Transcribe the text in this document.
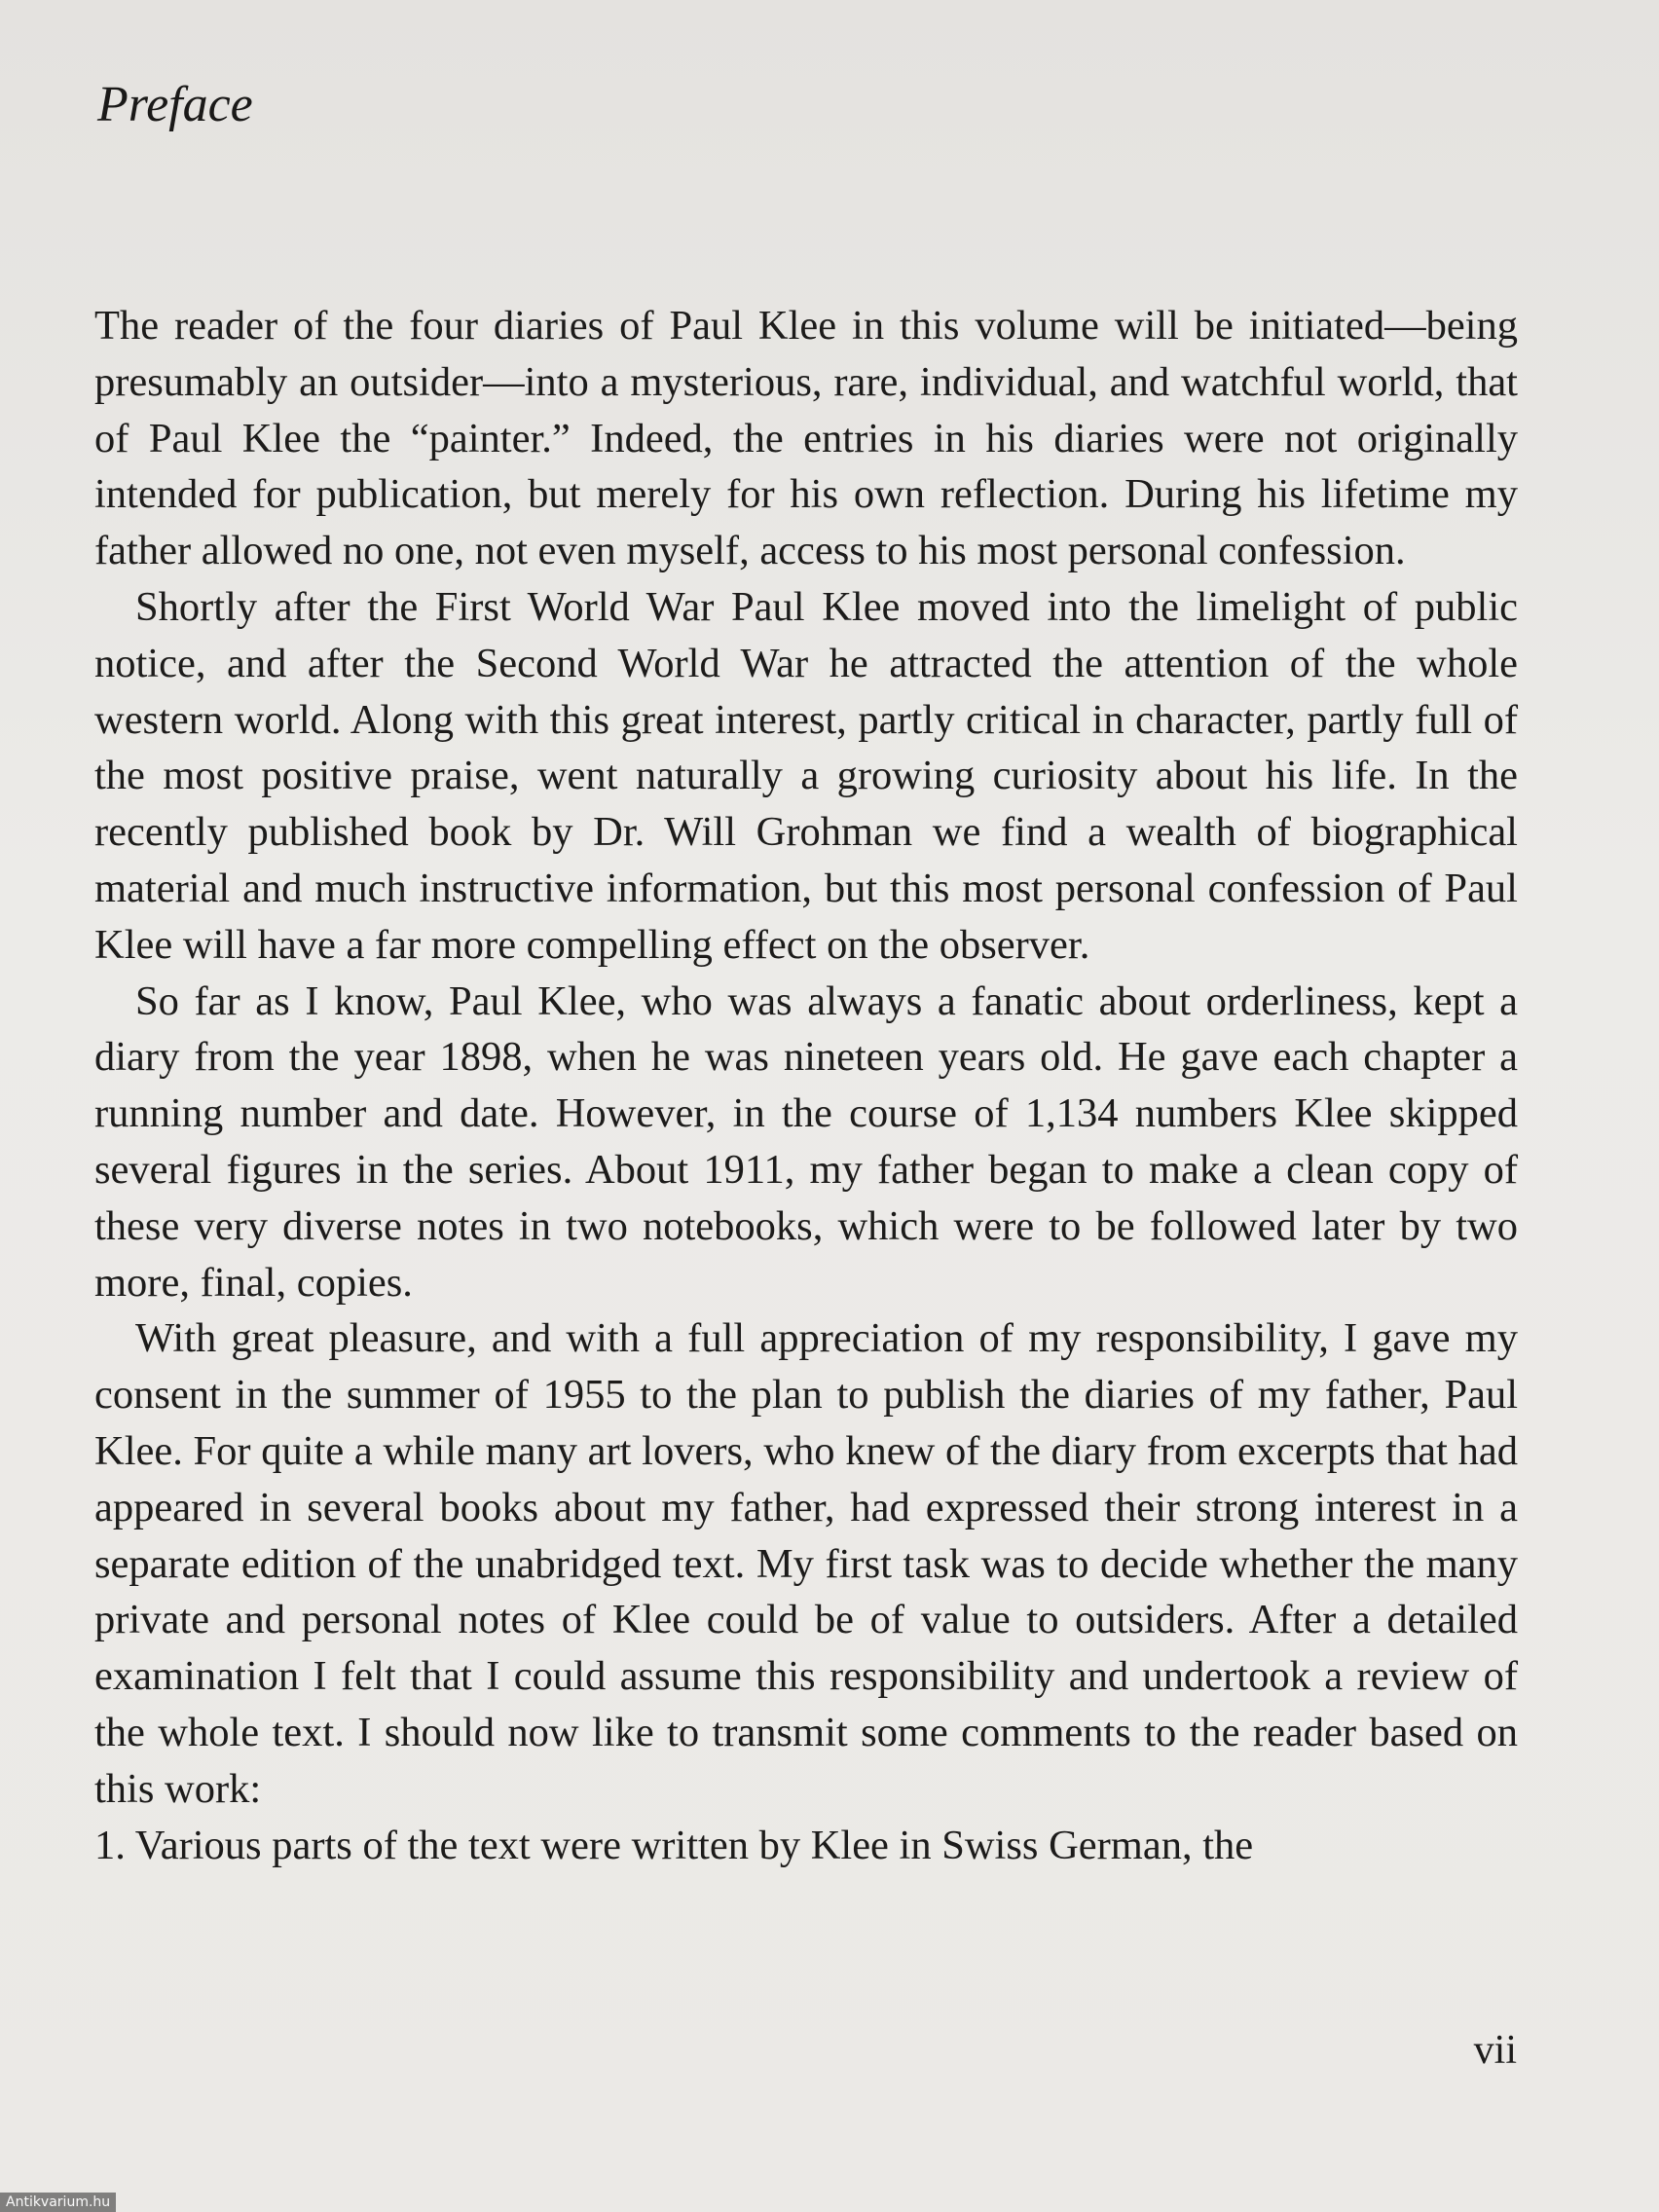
Preface

The reader of the four diaries of Paul Klee in this volume will be initiated—being presumably an outsider—into a mysterious, rare, individual, and watchful world, that of Paul Klee the “painter.” Indeed, the entries in his diaries were not originally intended for publication, but merely for his own reflection. During his lifetime my father allowed no one, not even myself, access to his most personal confession.

Shortly after the First World War Paul Klee moved into the limelight of public notice, and after the Second World War he attracted the attention of the whole western world. Along with this great interest, partly critical in character, partly full of the most positive praise, went naturally a growing curiosity about his life. In the recently published book by Dr. Will Grohman we find a wealth of biographical material and much instructive information, but this most personal confession of Paul Klee will have a far more compelling effect on the observer.

So far as I know, Paul Klee, who was always a fanatic about orderliness, kept a diary from the year 1898, when he was nineteen years old. He gave each chapter a running number and date. However, in the course of 1,134 numbers Klee skipped several figures in the series. About 1911, my father began to make a clean copy of these very diverse notes in two notebooks, which were to be followed later by two more, final, copies.

With great pleasure, and with a full appreciation of my responsibility, I gave my consent in the summer of 1955 to the plan to publish the diaries of my father, Paul Klee. For quite a while many art lovers, who knew of the diary from excerpts that had appeared in several books about my father, had expressed their strong interest in a separate edition of the unabridged text. My first task was to decide whether the many private and personal notes of Klee could be of value to outsiders. After a detailed examination I felt that I could assume this responsibility and undertook a review of the whole text. I should now like to transmit some comments to the reader based on this work:

1. Various parts of the text were written by Klee in Swiss German, the

vii
Antikvarium.hu
